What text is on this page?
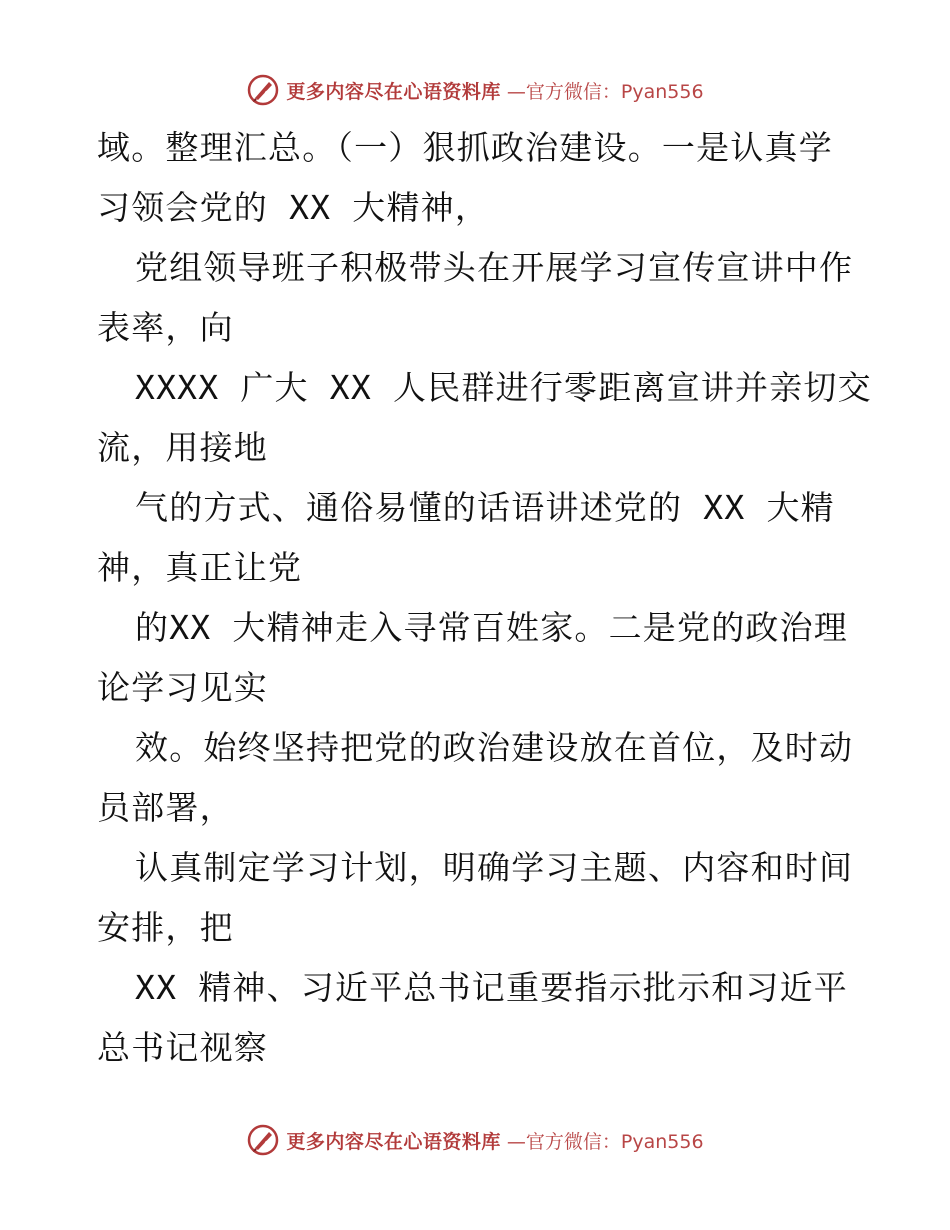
更多内容尽在心语资料库 —官方微信：Pyan556
域。整理汇总。（一）狠抓政治建设。一是认真学
习领会党的 XX 大精神，
党组领导班子积极带头在开展学习宣传宣讲中作
表率，向
XXXX 广大 XX 人民群进行零距离宣讲并亲切交
流，用接地
气的方式、通俗易懂的话语讲述党的 XX 大精
神，真正让党
的XX 大精神走入寻常百姓家。二是党的政治理
论学习见实
效。始终坚持把党的政治建设放在首位，及时动
员部署，
认真制定学习计划，明确学习主题、内容和时间
安排，把
XX 精神、习近平总书记重要指示批示和习近平
总书记视察
更多内容尽在心语资料库 —官方微信：Pyan556
